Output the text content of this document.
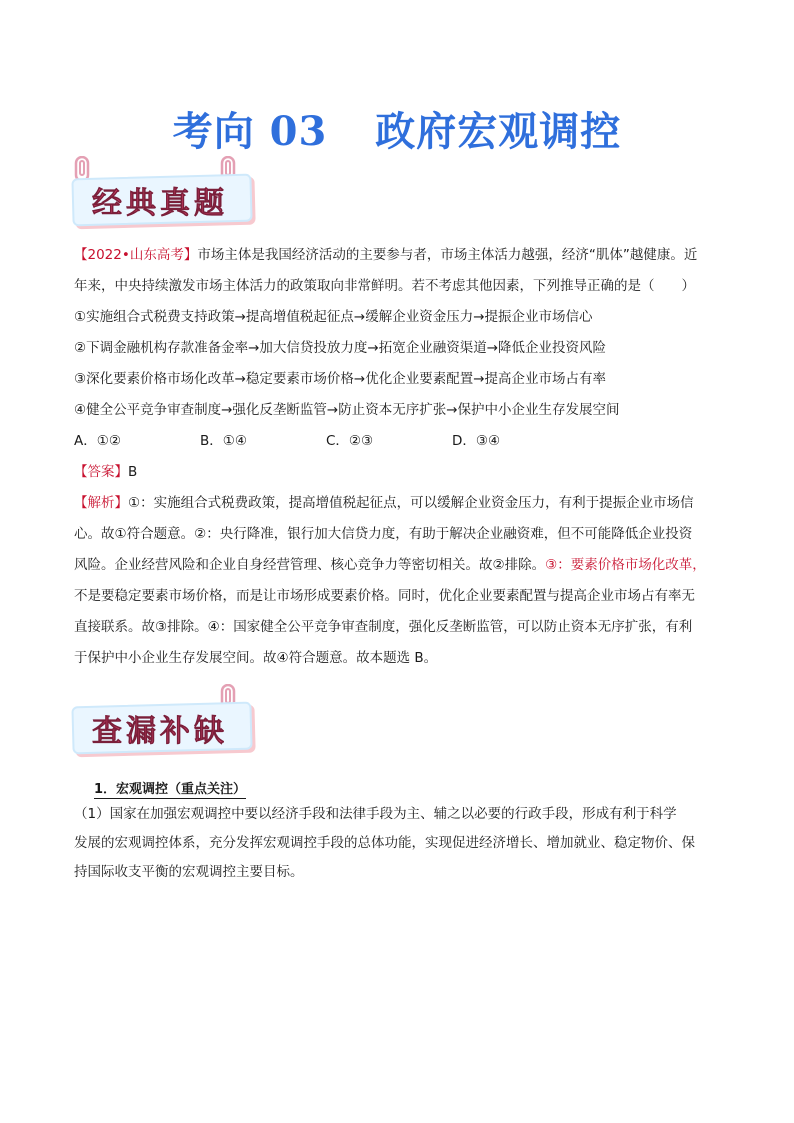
考向 03 政府宏观调控
经典真题
【2022•山东高考】市场主体是我国经济活动的主要参与者，市场主体活力越强，经济“肌体”越健康。近
年来，中央持续激发市场主体活力的政策取向非常鲜明。若不考虑其他因素，下列推导正确的是（　　）
①实施组合式税费支持政策→提高增值税起征点→缓解企业资金压力→提振企业市场信心
②下调金融机构存款准备金率→加大信贷投放力度→拓宽企业融资渠道→降低企业投资风险
③深化要素价格市场化改革→稳定要素市场价格→优化企业要素配置→提高企业市场占有率
④健全公平竞争审查制度→强化反垄断监管→防止资本无序扩张→保护中小企业生存发展空间
A．①②	B．①④	C．②③	D．③④
【答案】B
【解析】①：实施组合式税费政策，提高增值税起征点，可以缓解企业资金压力，有利于提振企业市场信
心。故①符合题意。②：央行降准，银行加大信贷力度，有助于解决企业融资难，但不可能降低企业投资
风险。企业经营风险和企业自身经营管理、核心竞争力等密切相关。故②排除。③：要素价格市场化改革，
不是要稳定要素市场价格，而是让市场形成要素价格。同时，优化企业要素配置与提高企业市场占有率无
直接联系。故③排除。④：国家健全公平竞争审查制度，强化反垄断监管，可以防止资本无序扩张，有利
于保护中小企业生存发展空间。故④符合题意。故本题选 B。
查漏补缺
1．宏观调控（重点关注）
（1）国家在加强宏观调控中要以经济手段和法律手段为主、辅之以必要的行政手段，形成有利于科学
发展的宏观调控体系，充分发挥宏观调控手段的总体功能，实现促进经济增长、增加就业、稳定物价、保
持国际收支平衡的宏观调控主要目标。
